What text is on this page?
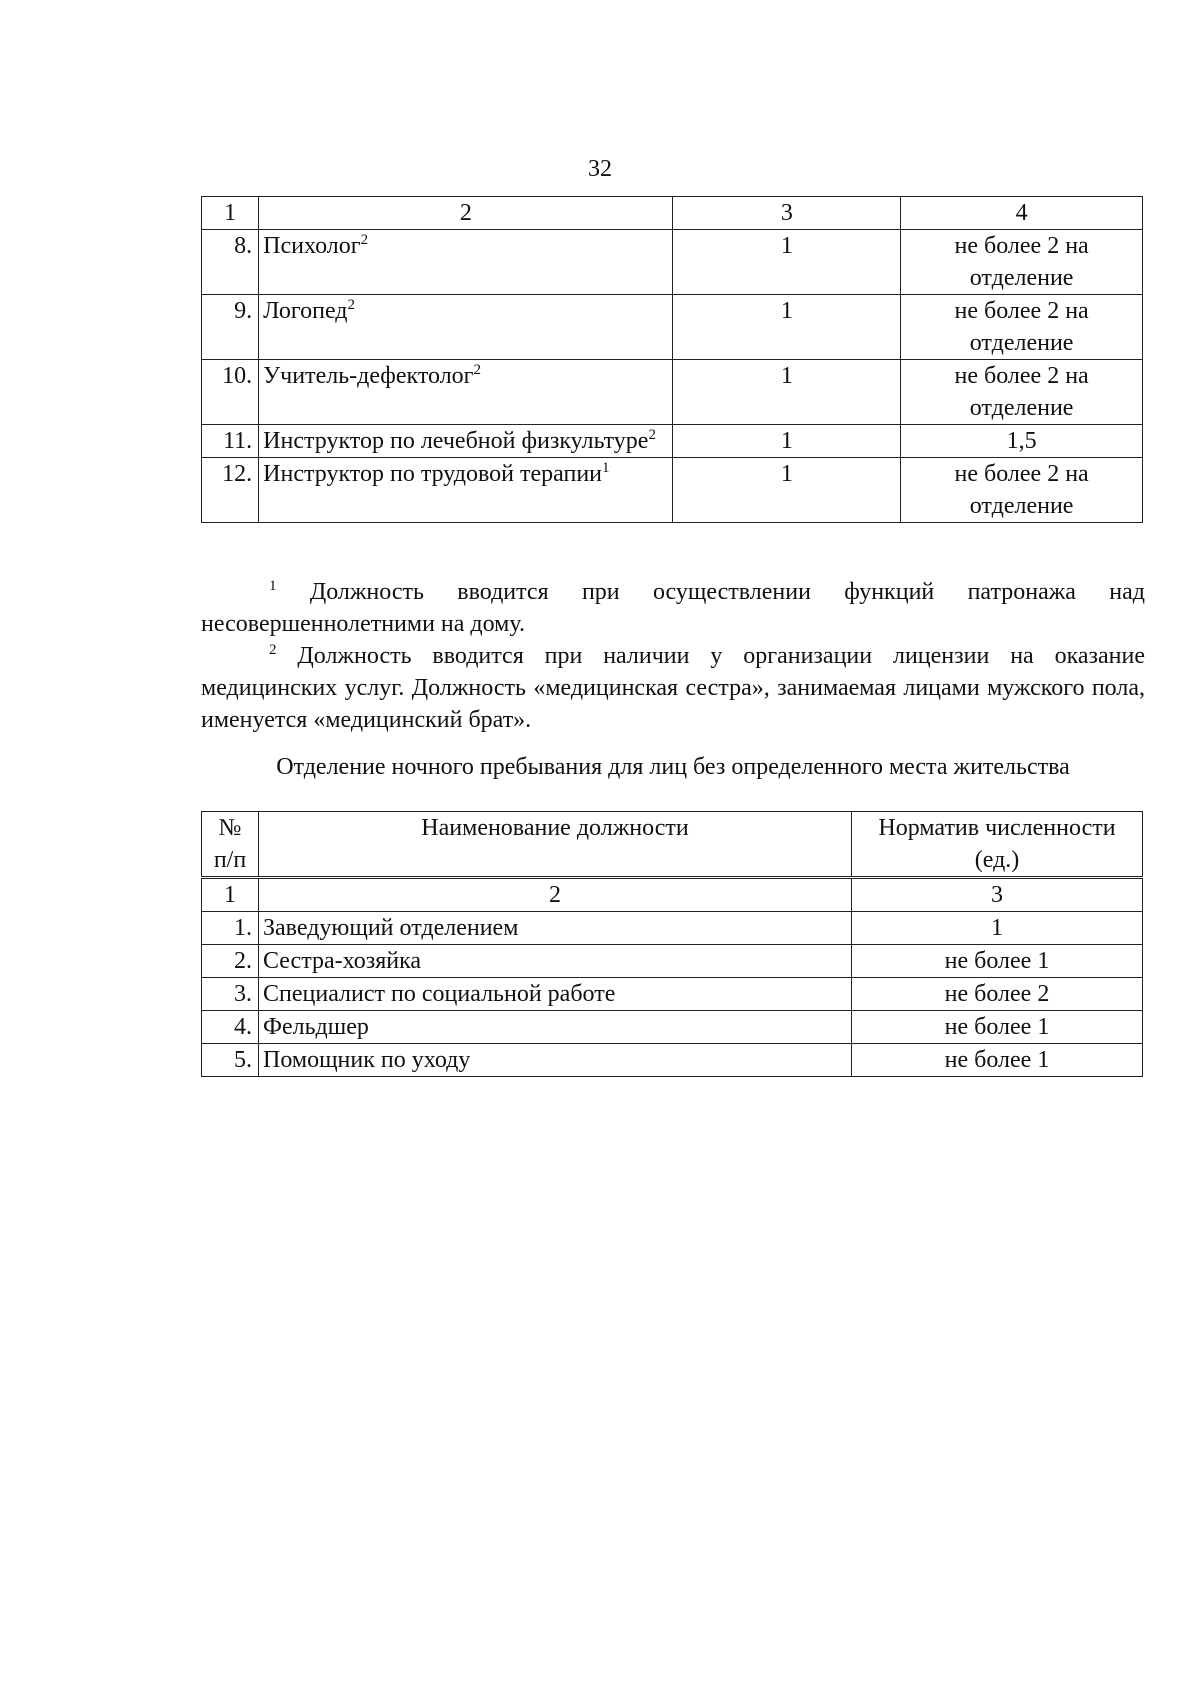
32
1	2	3	4
8.	Психолог$^2$	1	не более 2 на отделение
9.	Логопед$^2$	1	не более 2 на отделение
10.	Учитель-дефектолог$^2$	1	не более 2 на отделение
11.	Инструктор по лечебной физкультуре$^2$	1	1,5
12.	Инструктор по трудовой терапии$^1$	1	не более 2 на отделение

$^1$ Должность вводится при осуществлении функций патронажа над несовершеннолетними на дому.

$^2$ Должность вводится при наличии у организации лицензии на оказание медицинских услуг. Должность «медицинская сестра», занимаемая лицами мужского пола, именуется «медицинский брат».

Отделение ночного пребывания для лиц без определенного места жительства
№ п/п	Наименование должности	Норматив численности (ед.)
1	2	3
1.	Заведующий отделением	1
2.	Сестра-хозяйка	не более 1
3.	Специалист по социальной работе	не более 2
4.	Фельдшер	не более 1
5.	Помощник по уходу	не более 1
